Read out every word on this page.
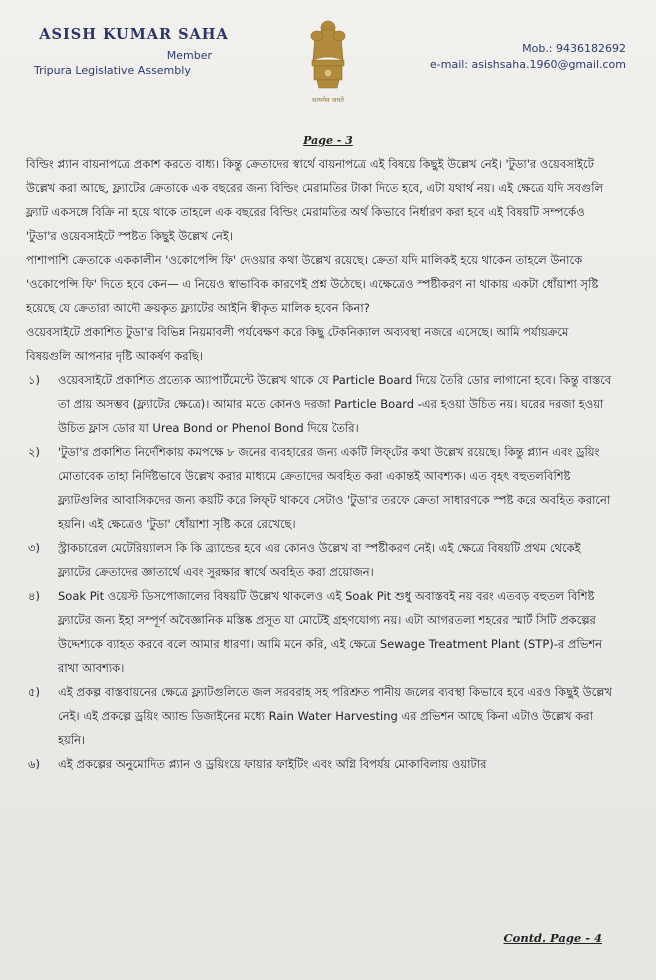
ASISH KUMAR SAHA
Member
Tripura Legislative Assembly
सत्यमेव जयते
Mob.: 9436182692
e-mail: asishsaha.1960@gmail.com
Page - 3

বিল্ডিং প্ল্যান বায়নাপত্রে প্রকাশ করতে বাধ্য। কিন্তু ক্রেতাদের স্বার্থে বায়নাপত্রে এই বিষয়ে কিছুই উল্লেখ নেই। 'টুডা'র ওয়েবসাইটে উল্লেখ করা আছে, ফ্ল্যাটের ক্রেতাকে এক বছরের জন্য বিল্ডিং মেরামতির টাকা দিতে হবে, এটা যথার্থ নয়। এই ক্ষেত্রে যদি সবগুলি ফ্ল্যাট একসঙ্গে বিক্রি না হয়ে থাকে তাহলে এক বছরের বিল্ডিং মেরামতির অর্থ কিভাবে নির্ধারণ করা হবে এই বিষয়টি সম্পর্কেও 'টুডা'র ওয়েবসাইটে স্পষ্টত কিছুই উল্লেখ নেই।

পাশাপাশি ক্রেতাকে এককালীন 'ওকোপেন্সি ফি' দেওয়ার কথা উল্লেখ রয়েছে। ক্রেতা যদি মালিকই হয়ে থাকেন তাহলে উনাকে 'ওকোপেন্সি ফি' দিতে হবে কেন— এ নিয়েও স্বাভাবিক কারণেই প্রশ্ন উঠেছে। এক্ষেত্রেও স্পষ্টীকরণ না থাকায় একটা ধোঁয়াশা সৃষ্টি হয়েছে যে ক্রেতারা আদৌ ক্রয়কৃত ফ্ল্যাটের আইনি স্বীকৃত মালিক হবেন কিনা?

ওয়েবসাইটে প্রকাশিত টুডা'র বিভিন্ন নিয়মাবলী পর্যবেক্ষণ করে কিছু টেকনিক্যাল অব্যবস্থা নজরে এসেছে। আমি পর্যায়ক্রমে বিষয়গুলি আপনার দৃষ্টি আকর্ষণ করছি।

১)	ওয়েবসাইটে প্রকাশিত প্রত্যেক অ্যাপার্টমেন্টে উল্লেখ থাকে যে Particle Board দিয়ে তৈরি ডোর লাগানো হবে। কিন্তু বাস্তবে তা প্রায় অসম্ভব (ফ্ল্যাটের ক্ষেত্রে)। আমার মতে কোনও দরজা Particle Board -এর হওয়া উচিত নয়। ঘরের দরজা হওয়া উচিত ফ্লাস ডোর যা Urea Bond or Phenol Bond দিয়ে তৈরি।
২)	'টুডা'র প্রকাশিত নির্দেশিকায় কমপক্ষে ৮ জনের ব্যবহারের জন্য একটি লিফ্‌টের কথা উল্লেখ রয়েছে। কিন্তু প্ল্যান এবং ড্রয়িং মোতাবেক তাহা নির্দিষ্টভাবে উল্লেখ করার মাধ্যমে ক্রেতাদের অবহিত করা একান্তই আবশ্যক। এত বৃহৎ বহুতলবিশিষ্ট ফ্ল্যাটগুলির আবাসিকদের জন্য কয়টি করে লিফ্‌ট থাকবে সেটাও 'টুডা'র তরফে ক্রেতা সাধারণকে স্পষ্ট করে অবহিত করানো হয়নি। এই ক্ষেত্রেও 'টুডা' ধোঁয়াশা সৃষ্টি করে রেখেছে।
৩)	স্ট্রাকচারেল মেটেরিয়্যালস কি কি ব্র্যান্ডের হবে এর কোনও উল্লেখ বা স্পষ্টীকরণ নেই। এই ক্ষেত্রে বিষয়টি প্রথম থেকেই ফ্ল্যাটের ক্রেতাদের জ্ঞাতার্থে এবং সুরক্ষার স্বার্থে অবহিত করা প্রয়োজন।
৪)	Soak Pit ওয়েস্ট ডিসপোজালের বিষয়টি উল্লেখ থাকলেও এই Soak Pit শুধু অবাস্তবই নয় বরং এতবড় বহুতল বিশিষ্ট ফ্ল্যাটের জন্য ইহা সম্পূর্ণ অবৈজ্ঞানিক মস্তিষ্ক প্রসূত যা মোটেই গ্রহণযোগ্য নয়। এটা আগরতলা শহরের স্মার্ট সিটি প্রকল্পের উদ্দেশ্যকে ব্যাহত করবে বলে আমার ধারণা। আমি মনে করি, এই ক্ষেত্রে Sewage Treatment Plant (STP)-র প্রভিশন রাখা আবশ্যক।
৫)	এই প্রকল্প বাস্তবায়নের ক্ষেত্রে ফ্ল্যাটগুলিতে জল সরবরাহ সহ পরিশ্রুত পানীয় জলের ব্যবস্থা কিভাবে হবে এরও কিছুই উল্লেখ নেই। এই প্রকল্পে ড্রয়িং অ্যান্ড ডিজাইনের মধ্যে Rain Water Harvesting এর প্রভিশন আছে কিনা এটাও উল্লেখ করা হয়নি।
৬)	এই প্রকল্পের অনুমোদিত প্ল্যান ও ড্রয়িংয়ে ফায়ার ফাইটিং এবং অগ্নি বিপর্যয় মোকাবিলায় ওয়াটার
Contd. Page - 4
